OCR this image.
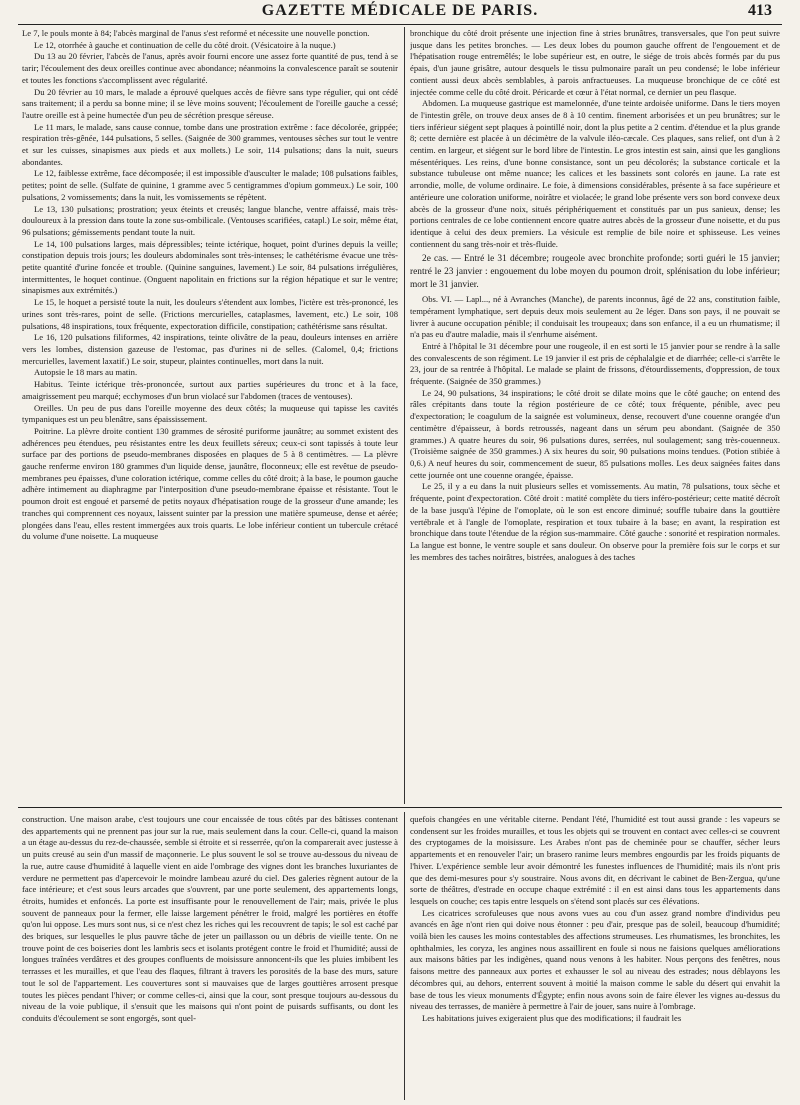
GAZETTE MÉDICALE DE PARIS.	413

Le 7, le pouls monte à 84; l'abcès marginal de l'anus s'est reformé et nécessite une nouvelle ponction.

Le 12, otorrhée à gauche et continuation de celle du côté droit. (Vésicatoire à la nuque.)

Du 13 au 20 février, l'abcès de l'anus, après avoir fourni encore une assez forte quantité de pus, tend à se tarir; l'écoulement des deux oreilles continue avec abondance; néanmoins la convalescence paraît se soutenir et toutes les fonctions s'accomplissent avec régularité.

Du 20 février au 10 mars, le malade a éprouvé quelques accès de fièvre sans type régulier, qui ont cédé sans traitement; il a perdu sa bonne mine; il se lève moins souvent; l'écoulement de l'oreille gauche a cessé; l'autre oreille est à peine humectée d'un peu de sécrétion presque séreuse.

Le 11 mars, le malade, sans cause connue, tombe dans une prostration extrême : face décolorée, grippée; respiration très-gênée, 144 pulsations, 5 selles. (Saignée de 300 grammes, ventouses sèches sur tout le ventre et sur les cuisses, sinapismes aux pieds et aux mollets.) Le soir, 114 pulsations; dans la nuit, sueurs abondantes.

Le 12, faiblesse extrême, face décomposée; il est impossible d'ausculter le malade; 108 pulsations faibles, petites; point de selle. (Sulfate de quinine, 1 gramme avec 5 centigrammes d'opium gommeux.) Le soir, 100 pulsations, 2 vomissements; dans la nuit, les vomissements se répètent.

Le 13, 130 pulsations; prostration; yeux éteints et creusés; langue blanche, ventre affaissé, mais très-douloureux à la pression dans toute la zone sus-ombilicale. (Ventouses scarifiées, catapl.) Le soir, même état, 96 pulsations; gémissements pendant toute la nuit.

Le 14, 100 pulsations larges, mais dépressibles; teinte ictérique, hoquet, point d'urines depuis la veille; constipation depuis trois jours; les douleurs abdominales sont très-intenses; le cathétérisme évacue une très-petite quantité d'urine foncée et trouble. (Quinine sanguines, lavement.) Le soir, 84 pulsations irrégulières, intermittentes, le hoquet continue. (Onguent napolitain en frictions sur la région hépatique et sur le ventre; sinapismes aux extrémités.)

Le 15, le hoquet a persisté toute la nuit, les douleurs s'étendent aux lombes, l'ictère est très-prononcé, les urines sont très-rares, point de selle. (Frictions mercurielles, cataplasmes, lavement, etc.) Le soir, 108 pulsations, 48 inspirations, toux fréquente, expectoration difficile, constipation; cathétérisme sans résultat.

Le 16, 120 pulsations filiformes, 42 inspirations, teinte olivâtre de la peau, douleurs intenses en arrière vers les lombes, distension gazeuse de l'estomac, pas d'urines ni de selles. (Calomel, 0,4; frictions mercurielles, lavement laxatif.) Le soir, stupeur, plaintes continuelles, mort dans la nuit.

Autopsie le 18 mars au matin.

Habitus. Teinte ictérique très-prononcée, surtout aux parties supérieures du tronc et à la face, amaigrissement peu marqué; ecchymoses d'un brun violacé sur l'abdomen (traces de ventouses).

Oreilles. Un peu de pus dans l'oreille moyenne des deux côtés; la muqueuse qui tapisse les cavités tympaniques est un peu blenâtre, sans épaississement.

Poitrine. La plèvre droite contient 130 grammes de sérosité puriforme jaunâtre; au sommet existent des adhérences peu étendues, peu résistantes entre les deux feuillets séreux; ceux-ci sont tapissés à toute leur surface par des portions de pseudo-membranes disposées en plaques de 5 à 8 centimètres. — La plèvre gauche renferme environ 180 grammes d'un liquide dense, jaunâtre, floconneux; elle est revêtue de pseudo-membranes peu épaisses, d'une coloration ictérique, comme celles du côté droit; à la base, le poumon gauche adhère intimement au diaphragme par l'interposition d'une pseudo-membrane épaisse et résistante. Tout le poumon droit est engoué et parsemé de petits noyaux d'hépatisation rouge de la grosseur d'une amande; les tranches qui comprennent ces noyaux, laissent suinter par la pression une matière spumeuse, dense et aérée; plongées dans l'eau, elles restent immergées aux trois quarts. Le lobe inférieur contient un tubercule crétacé du volume d'une noisette. La muqueuse

bronchique du côté droit présente une injection fine à stries brunâtres, transversales, que l'on peut suivre jusque dans les petites bronches. — Les deux lobes du poumon gauche offrent de l'engouement et de l'hépatisation rouge entremêlés; le lobe supérieur est, en outre, le siége de trois abcès formés par du pus épais, d'un jaune grisâtre, autour desquels le tissu pulmonaire paraît un peu condensé; le lobe inférieur contient aussi deux abcès semblables, à parois anfractueuses. La muqueuse bronchique de ce côté est injectée comme celle du côté droit. Péricarde et cœur à l'état normal, ce dernier un peu flasque.

Abdomen. La muqueuse gastrique est mamelonnée, d'une teinte ardoisée uniforme. Dans le tiers moyen de l'intestin grêle, on trouve deux anses de 8 à 10 centim. finement arborisées et un peu brunâtres; sur le tiers inférieur siégent sept plaques à pointillé noir, dont la plus petite a 2 centim. d'étendue et la plus grande 8; cette dernière est placée à un décimètre de la valvule iléo-cæcale. Ces plaques, sans relief, ont d'un à 2 centim. en largeur, et siégent sur le bord libre de l'intestin. Le gros intestin est sain, ainsi que les ganglions mésentériques. Les reins, d'une bonne consistance, sont un peu décolorés; la substance corticale et la substance tubuleuse ont même nuance; les calices et les bassinets sont colorés en jaune. La rate est arrondie, molle, de volume ordinaire. Le foie, à dimensions considérables, présente à sa face supérieure et antérieure une coloration uniforme, noirâtre et violacée; le grand lobe présente vers son bord convexe deux abcès de la grosseur d'une noix, situés périphériquement et constitués par un pus sanieux, dense; les portions centrales de ce lobe contiennent encore quatre autres abcès de la grosseur d'une noisette, et du pus identique à celui des deux premiers. La vésicule est remplie de bile noire et sphisseuse. Les veines contiennent du sang très-noir et très-fluide.

2e cas. — Entré le 31 décembre; rougeole avec bronchite profonde; sorti guéri le 15 janvier; rentré le 23 janvier : engouement du lobe moyen du poumon droit, splénisation du lobe inférieur; mort le 31 janvier.

Obs. VI. — Lapl..., né à Avranches (Manche), de parents inconnus, âgé de 22 ans, constitution faible, tempérament lymphatique, sert depuis deux mois seulement au 2e léger. Dans son pays, il ne pouvait se livrer à aucune occupation pénible; il conduisait les troupeaux; dans son enfance, il a eu un rhumatisme; il n'a pas eu d'autre maladie, mais il s'enrhume aisément.

Entré à l'hôpital le 31 décembre pour une rougeole, il en est sorti le 15 janvier pour se rendre à la salle des convalescents de son régiment. Le 19 janvier il est pris de céphalalgie et de diarrhée; celle-ci s'arrête le 23, jour de sa rentrée à l'hôpital. Le malade se plaint de frissons, d'étourdissements, d'oppression, de toux fréquente. (Saignée de 350 grammes.)

Le 24, 90 pulsations, 34 inspirations; le côté droit se dilate moins que le côté gauche; on entend des râles crépitants dans toute la région postérieure de ce côté; toux fréquente, pénible, avec peu d'expectoration; le coagulum de la saignée est volumineux, dense, recouvert d'une couenne orangée d'un centimètre d'épaisseur, à bords retroussés, nageant dans un sérum peu abondant. (Saignée de 350 grammes.) A quatre heures du soir, 96 pulsations dures, serrées, nul soulagement; sang très-couenneux. (Troisième saignée de 350 grammes.) A six heures du soir, 90 pulsations moins tendues. (Potion stibiée à 0,6.) A neuf heures du soir, commencement de sueur, 85 pulsations molles. Les deux saignées faites dans cette journée ont une couenne orangée, épaisse.

Le 25, il y a eu dans la nuit plusieurs selles et vomissements. Au matin, 78 pulsations, toux sèche et fréquente, point d'expectoration. Côté droit : matité complète du tiers inféro-postérieur; cette matité décroît de la base jusqu'à l'épine de l'omoplate, où le son est encore diminué; souffle tubaire dans la gouttière vertébrale et à l'angle de l'omoplate, respiration et toux tubaire à la base; en avant, la respiration est bronchique dans toute l'étendue de la région sus-mammaire. Côté gauche : sonorité et respiration normales. La langue est bonne, le ventre souple et sans douleur. On observe pour la première fois sur le corps et sur les membres des taches noirâtres, bistrées, analogues à des taches

construction. Une maison arabe, c'est toujours une cour encaissée de tous côtés par des bâtisses contenant des appartements qui ne prennent pas jour sur la rue, mais seulement dans la cour. Celle-ci, quand la maison a un étage au-dessus du rez-de-chaussée, semble si étroite et si resserrée, qu'on la comparerait avec justesse à un puits creusé au sein d'un massif de maçonnerie. Le plus souvent le sol se trouve au-dessous du niveau de la rue, autre cause d'humidité à laquelle vient en aide l'ombrage des vignes dont les branches luxuriantes de verdure ne permettent pas d'apercevoir le moindre lambeau azuré du ciel. Des galeries règnent autour de la face intérieure; et c'est sous leurs arcades que s'ouvrent, par une porte seulement, des appartements longs, étroits, humides et enfoncés. La porte est insuffisante pour le renouvellement de l'air; mais, privée le plus souvent de panneaux pour la fermer, elle laisse largement pénétrer le froid, malgré les portières en étoffe qu'on lui oppose. Les murs sont nus, si ce n'est chez les riches qui les recouvrent de tapis; le sol est caché par des briques, sur lesquelles le plus pauvre tâche de jeter un paillasson ou un débris de vieille tente. On ne trouve point de ces boiseries dont les lambris secs et isolants protégent contre le froid et l'humidité; aussi de longues traînées verdâtres et des groupes confluents de moisissure annoncent-ils que les pluies imbibent les terrasses et les murailles, et que l'eau des flaques, filtrant à travers les porosités de la base des murs, sature tout le sol de l'appartement. Les couvertures sont si mauvaises que de larges gouttières arrosent presque toutes les pièces pendant l'hiver; or comme celles-ci, ainsi que la cour, sont presque toujours au-dessous du niveau de la voie publique, il s'ensuit que les maisons qui n'ont point de puisards suffisants, ou dont les conduits d'écoulement se sont engorgés, sont quel-

quefois changées en une véritable citerne. Pendant l'été, l'humidité est tout aussi grande : les vapeurs se condensent sur les froides murailles, et tous les objets qui se trouvent en contact avec celles-ci se couvrent des cryptogames de la moisissure. Les Arabes n'ont pas de cheminée pour se chauffer, sécher leurs appartements et en renouveler l'air; un brasero ranime leurs membres engourdis par les froids piquants de l'hiver. L'expérience semble leur avoir démontré les funestes influences de l'humidité; mais ils n'ont pris que des demi-mesures pour s'y soustraire. Nous avons dit, en décrivant le cabinet de Ben-Zergua, qu'une sorte de théâtres, d'estrade en occupe chaque extrémité : il en est ainsi dans tous les appartements dans lesquels on couche; ces tapis entre lesquels on s'étend sont placés sur ces élévations.

Les cicatrices scrofuleuses que nous avons vues au cou d'un assez grand nombre d'individus peu avancés en âge n'ont rien qui doive nous étonner : peu d'air, presque pas de soleil, beaucoup d'humidité; voilà bien les causes les moins contestables des affections strumeuses. Les rhumatismes, les bronchites, les ophthalmies, les coryza, les angines nous assaillirent en foule si nous ne faisions quelques améliorations aux maisons bâties par les indigènes, quand nous venons à les habiter. Nous perçons des fenêtres, nous faisons mettre des panneaux aux portes et exhausser le sol au niveau des estrades; nous déblayons les décombres qui, au dehors, enterrent souvent à moitié la maison comme le sable du désert qui envahit la base de tous les vieux monuments d'Égypte; enfin nous avons soin de faire élever les vignes au-dessus du niveau des terrasses, de manière à permettre à l'air de jouer, sans nuire à l'ombrage.

Les habitations juives exigeraient plus que des modifications; il faudrait les
